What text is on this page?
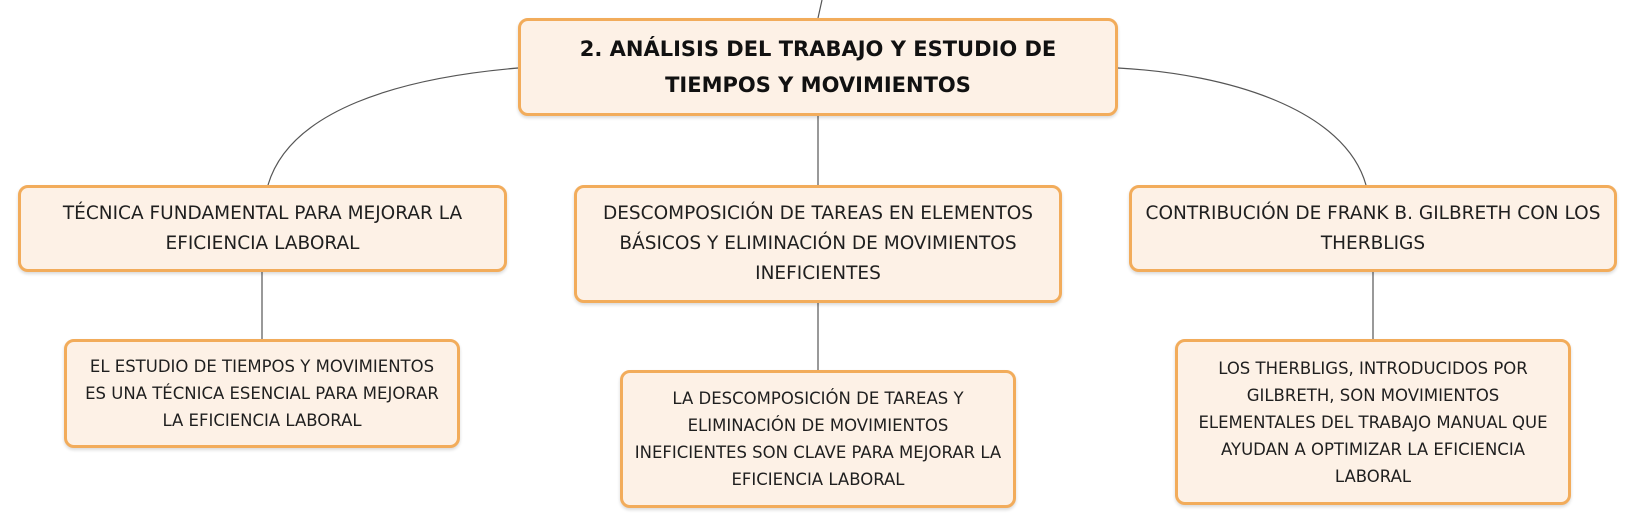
2. ANÁLISIS DEL TRABAJO Y ESTUDIO DE TIEMPOS Y MOVIMIENTOS
TÉCNICA FUNDAMENTAL PARA MEJORAR LA EFICIENCIA LABORAL
DESCOMPOSICIÓN DE TAREAS EN ELEMENTOS BÁSICOS Y ELIMINACIÓN DE MOVIMIENTOS INEFICIENTES
CONTRIBUCIÓN DE FRANK B. GILBRETH CON LOS THERBLIGS
EL ESTUDIO DE TIEMPOS Y MOVIMIENTOS ES UNA TÉCNICA ESENCIAL PARA MEJORAR LA EFICIENCIA LABORAL
LA DESCOMPOSICIÓN DE TAREAS Y ELIMINACIÓN DE MOVIMIENTOS INEFICIENTES SON CLAVE PARA MEJORAR LA EFICIENCIA LABORAL
LOS THERBLIGS, INTRODUCIDOS POR GILBRETH, SON MOVIMIENTOS ELEMENTALES DEL TRABAJO MANUAL QUE AYUDAN A OPTIMIZAR LA EFICIENCIA LABORAL
